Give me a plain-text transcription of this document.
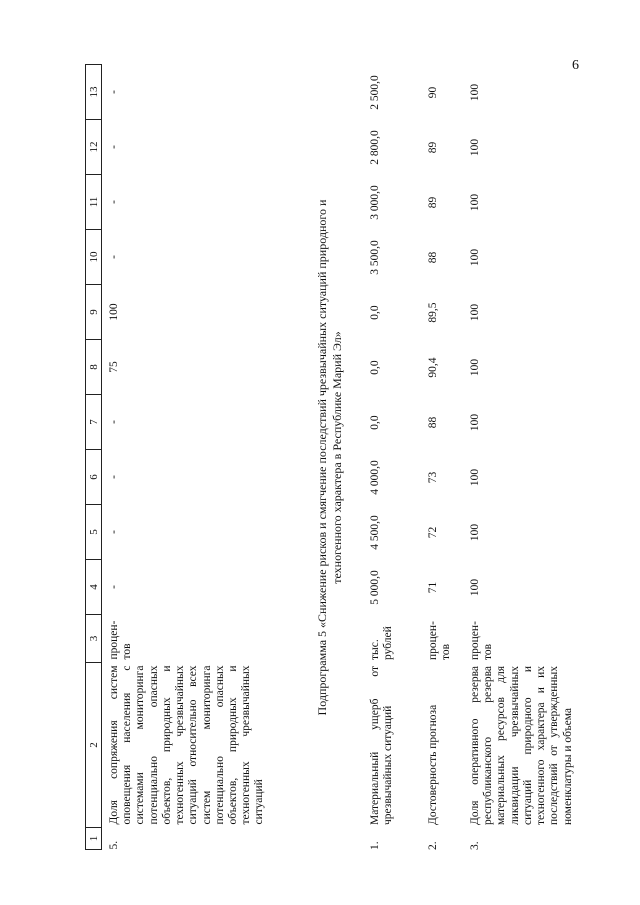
6
1	2	3	4	5	6	7	8	9	10	11	12	13
5.	Доля сопряжения систем оповещения населения с системами мониторинга потенциально опасных объектов, природных и техногенных чрезвычайных ситуаций относительно всех систем мониторинга потенциально опасных объектов, природных и техногенных чрезвычайных ситуаций	процен-тов	-	-	-	-	75	100	-	-	-	-
Подпрограмма 5 «Снижение рисков и смягчение последствий чрезвычайных ситуаций природного и техногенного характера в Республике Марий Эл»
1.	Материальный ущерб от чрезвычайных ситуаций	тыс. рублей	5 000,0	4 500,0	4 000,0	0,0	0,0	0,0	3 500,0	3 000,0	2 800,0	2 500,0
2.	Достоверность прогноза	процен-тов	71	72	73	88	90,4	89,5	88	89	89	90
3.	Доля оперативного резерва республиканского резерва материальных ресурсов для ликвидации чрезвычайных ситуаций природного и техногенного характера и их последствий от утвержденных номенклатуры и объема	процен-тов	100	100	100	100	100	100	100	100	100	100
